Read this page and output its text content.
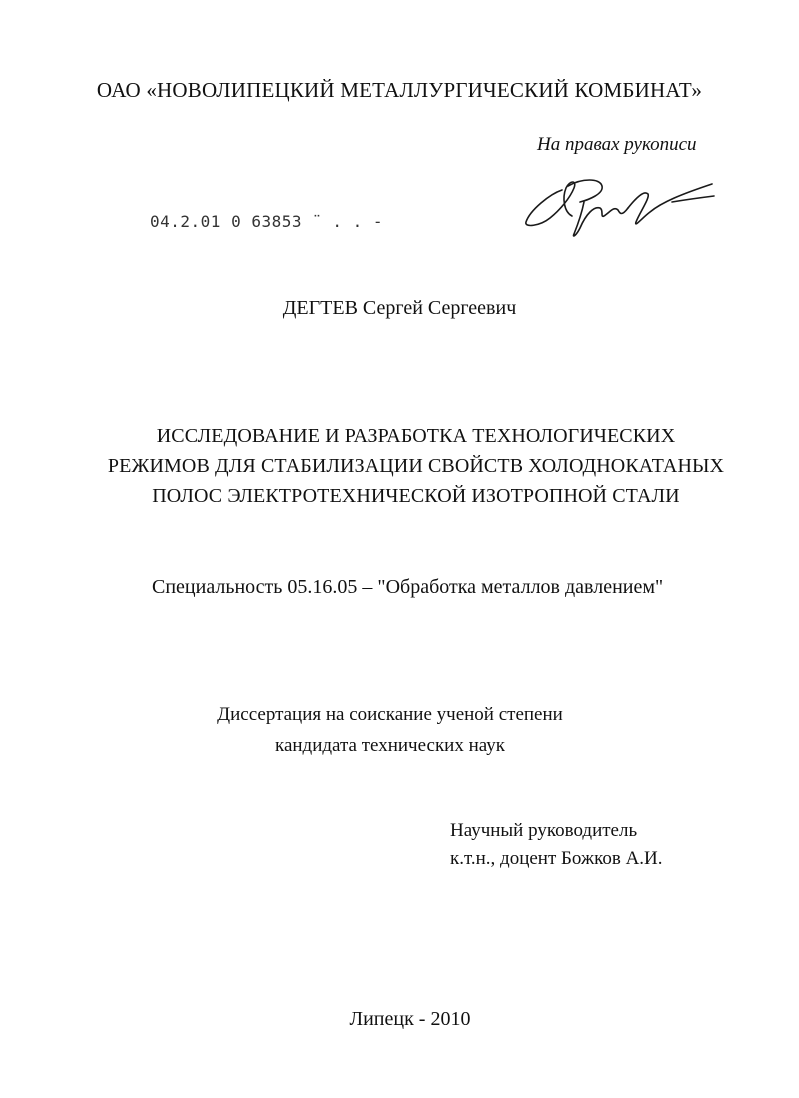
ОАО «НОВОЛИПЕЦКИЙ МЕТАЛЛУРГИЧЕСКИЙ КОМБИНАТ»
На правах рукописи
04.2.01 0 63853 ¨ . . -
ДЕГТЕВ Сергей Сергеевич
ИССЛЕДОВАНИЕ И РАЗРАБОТКА ТЕХНОЛОГИЧЕСКИХ
РЕЖИМОВ ДЛЯ СТАБИЛИЗАЦИИ СВОЙСТВ ХОЛОДНОКАТАНЫХ
ПОЛОС ЭЛЕКТРОТЕХНИЧЕСКОЙ ИЗОТРОПНОЙ СТАЛИ
Специальность 05.16.05 – "Обработка металлов давлением"
Диссертация на соискание ученой степени
кандидата технических наук
Научный руководитель
к.т.н., доцент Божков А.И.
Липецк - 2010
